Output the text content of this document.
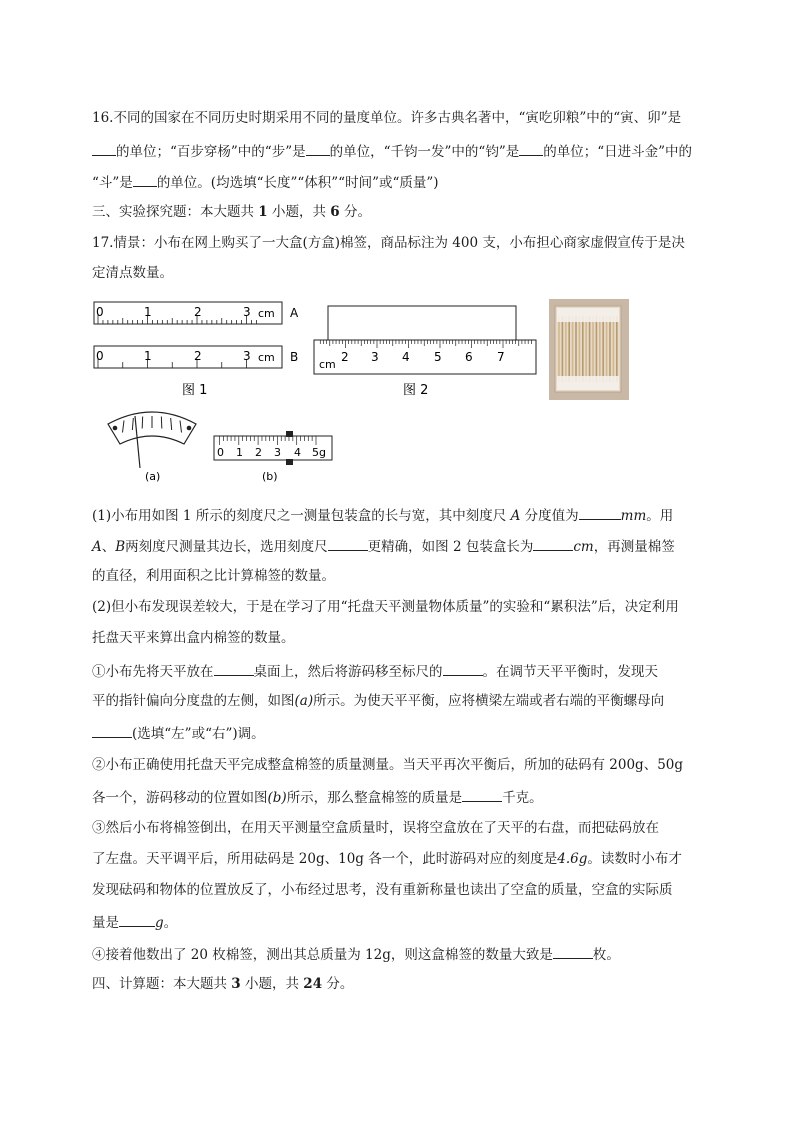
16.不同的国家在不同历史时期采用不同的量度单位。许多古典名著中，“寅吃卯粮”中的“寅、卯”是
的单位；“百步穿杨”中的“步”是 的单位，“千钧一发”中的“钧”是 的单位；“日进斗金”中的
“斗”是 的单位。(均选填“长度”“体积”“时间”或“质量”)
三、实验探究题：本大题共 1 小题，共 6 分。
17.情景：小布在网上购买了一大盒(方盒)棉签，商品标注为 400 支，小布担心商家虚假宣传于是决
定清点数量。
0	1	2	3 cm A
0	1	2	3 cm B
图 1
2 3 4 5 6 7
cm
图 2
(a)
0 1 2 3 4 5g
(b)
(1)小布用如图 1 所示的刻度尺之一测量包装盒的长与宽，其中刻度尺 A 分度值为	mm。用
A、B两刻度尺测量其边长，选用刻度尺	更精确，如图 2 包装盒长为	cm，再测量棉签
的直径，利用面积之比计算棉签的数量。
(2)但小布发现误差较大，于是在学习了用“托盘天平测量物体质量”的实验和“累积法”后，决定利用
托盘天平来算出盒内棉签的数量。
①小布先将天平放在	桌面上，然后将游码移至标尺的	。在调节天平平衡时，发现天
平的指针偏向分度盘的左侧，如图(a)所示。为使天平平衡，应将横梁左端或者右端的平衡螺母向
(选填“左”或“右”)调。
②小布正确使用托盘天平完成整盒棉签的质量测量。当天平再次平衡后，所加的砝码有 200g、50g
各一个，游码移动的位置如图(b)所示，那么整盒棉签的质量是	千克。
③然后小布将棉签倒出，在用天平测量空盒质量时，误将空盒放在了天平的右盘，而把砝码放在
了左盘。天平调平后，所用砝码是 20g、10g 各一个，此时游码对应的刻度是4.6g。读数时小布才
发现砝码和物体的位置放反了，小布经过思考，没有重新称量也读出了空盒的质量，空盒的实际质
量是	g。
④接着他数出了 20 枚棉签，测出其总质量为 12g，则这盒棉签的数量大致是	枚。
四、计算题：本大题共 3 小题，共 24 分。
